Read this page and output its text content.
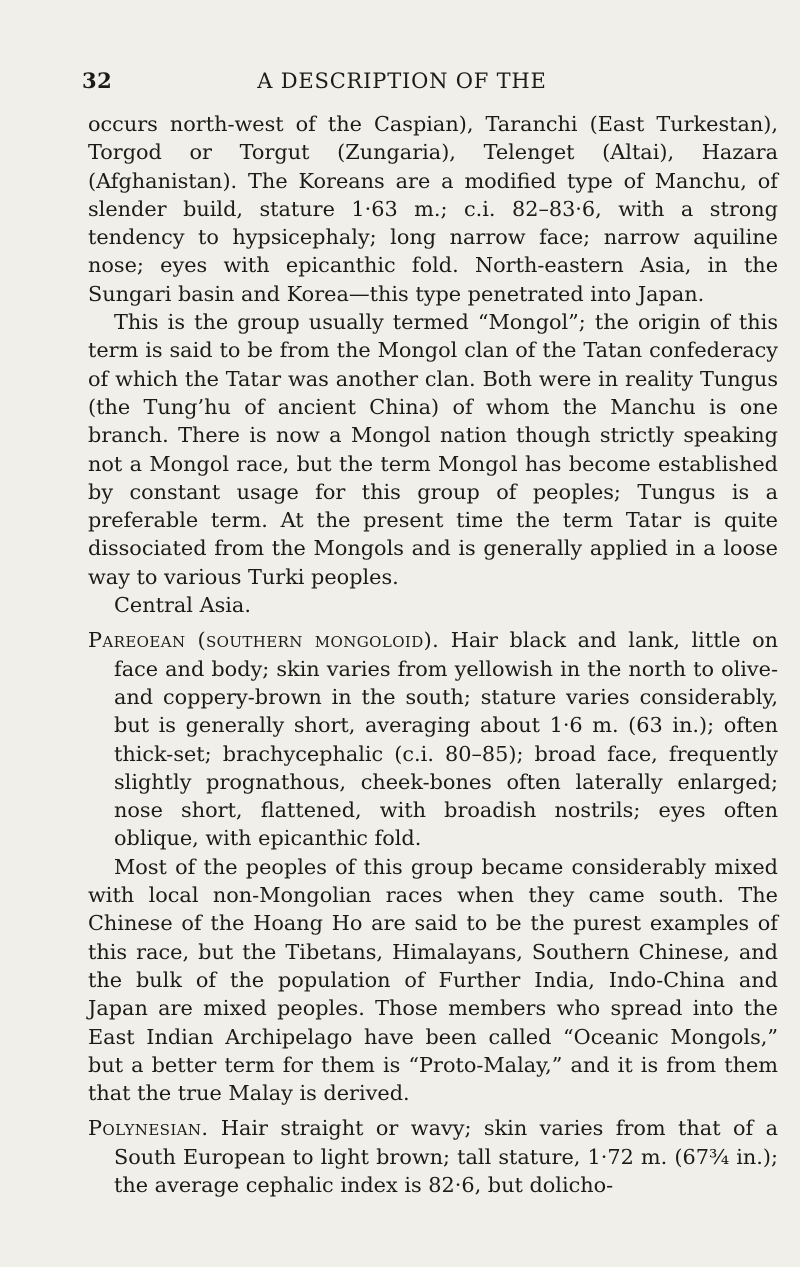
32	A DESCRIPTION OF THE

occurs north-west of the Caspian), Taranchi (East Turkestan), Torgod or Torgut (Zungaria), Telenget (Altai), Hazara (Afghanistan). The Koreans are a modified type of Manchu, of slender build, stature 1·63 m.; c.i. 82–83·6, with a strong tendency to hypsicephaly; long narrow face; narrow aquiline nose; eyes with epicanthic fold. North-eastern Asia, in the Sungari basin and Korea—this type penetrated into Japan.

This is the group usually termed “Mongol”; the origin of this term is said to be from the Mongol clan of the Tatan confederacy of which the Tatar was another clan. Both were in reality Tungus (the Tung’hu of ancient China) of whom the Manchu is one branch. There is now a Mongol nation though strictly speaking not a Mongol race, but the term Mongol has become established by constant usage for this group of peoples; Tungus is a preferable term. At the present time the term Tatar is quite dissociated from the Mongols and is generally applied in a loose way to various Turki peoples.

Central Asia.

Pareoean (southern mongoloid). Hair black and lank, little on face and body; skin varies from yellowish in the north to olive- and coppery-brown in the south; stature varies considerably, but is generally short, averaging about 1·6 m. (63 in.); often thick-set; brachycephalic (c.i. 80–85); broad face, frequently slightly prognathous, cheek-bones often laterally enlarged; nose short, flattened, with broadish nostrils; eyes often oblique, with epicanthic fold.

Most of the peoples of this group became considerably mixed with local non-Mongolian races when they came south. The Chinese of the Hoang Ho are said to be the purest examples of this race, but the Tibetans, Himalayans, Southern Chinese, and the bulk of the population of Further India, Indo-China and Japan are mixed peoples. Those members who spread into the East Indian Archipelago have been called “Oceanic Mongols,” but a better term for them is “Proto-Malay,” and it is from them that the true Malay is derived.

Polynesian. Hair straight or wavy; skin varies from that of a South European to light brown; tall stature, 1·72 m. (67¾ in.); the average cephalic index is 82·6, but dolicho-
